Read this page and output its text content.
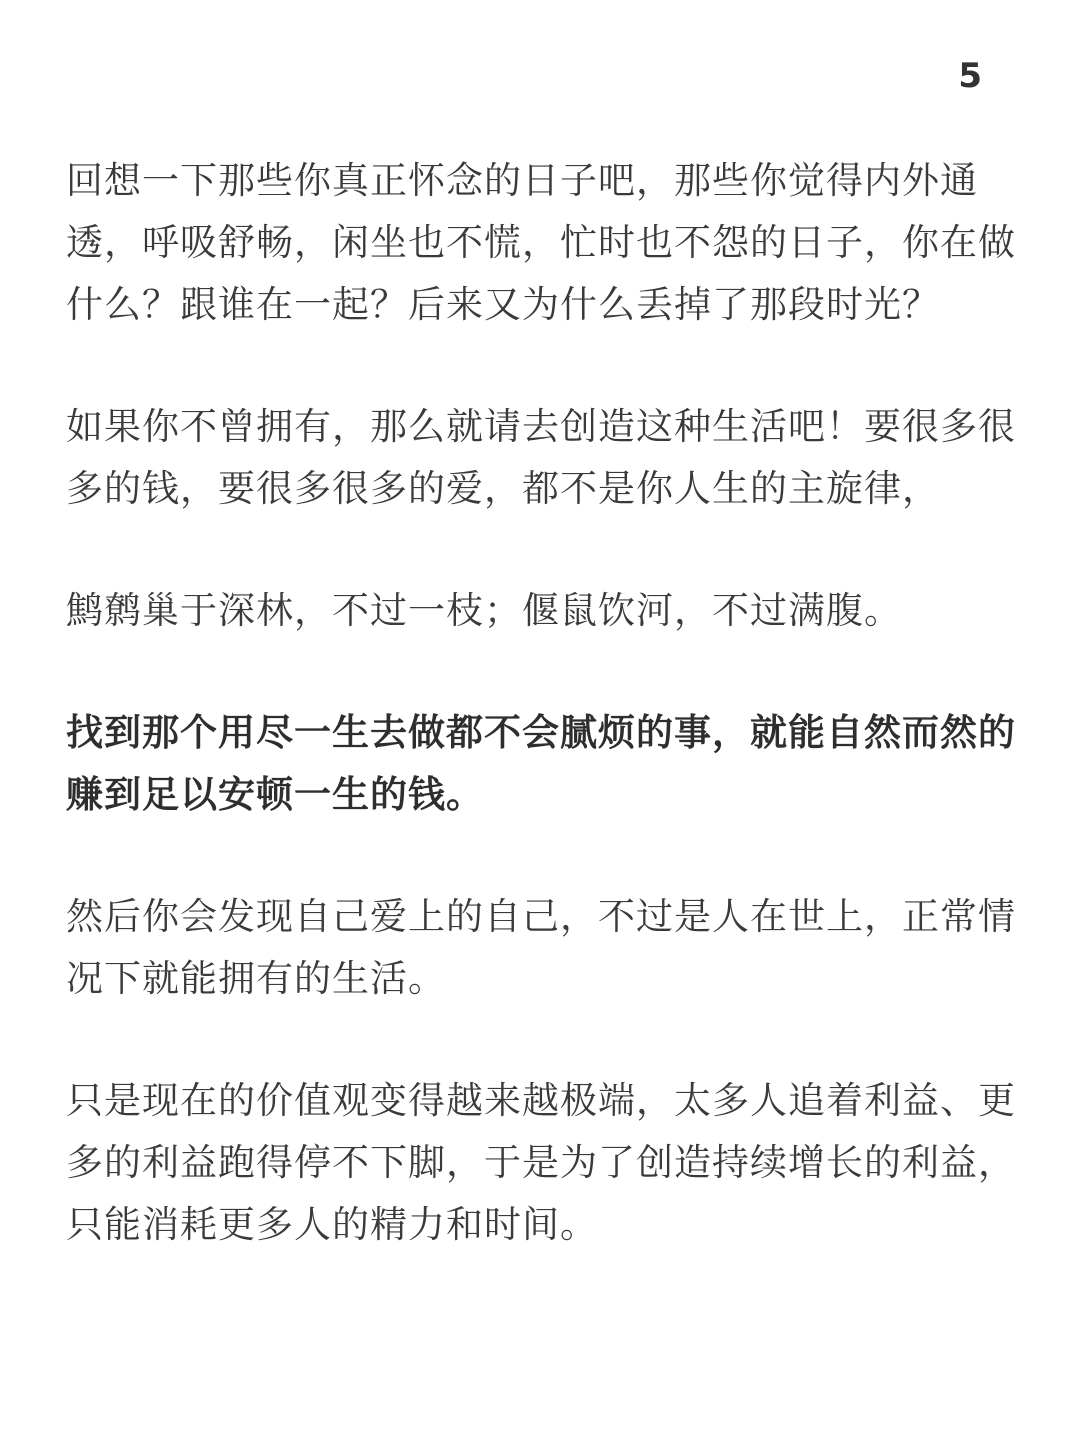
5

回想一下那些你真正怀念的日子吧，那些你觉得内外通透，呼吸舒畅，闲坐也不慌，忙时也不怨的日子，你在做什么？跟谁在一起？后来又为什么丢掉了那段时光？

如果你不曾拥有，那么就请去创造这种生活吧！要很多很多的钱，要很多很多的爱，都不是你人生的主旋律，

鹪鹩巢于深林，不过一枝；偃鼠饮河，不过满腹。

找到那个用尽一生去做都不会腻烦的事，就能自然而然的赚到足以安顿一生的钱。

然后你会发现自己爱上的自己，不过是人在世上，正常情况下就能拥有的生活。

只是现在的价值观变得越来越极端，太多人追着利益、更多的利益跑得停不下脚，于是为了创造持续增长的利益，只能消耗更多人的精力和时间。
